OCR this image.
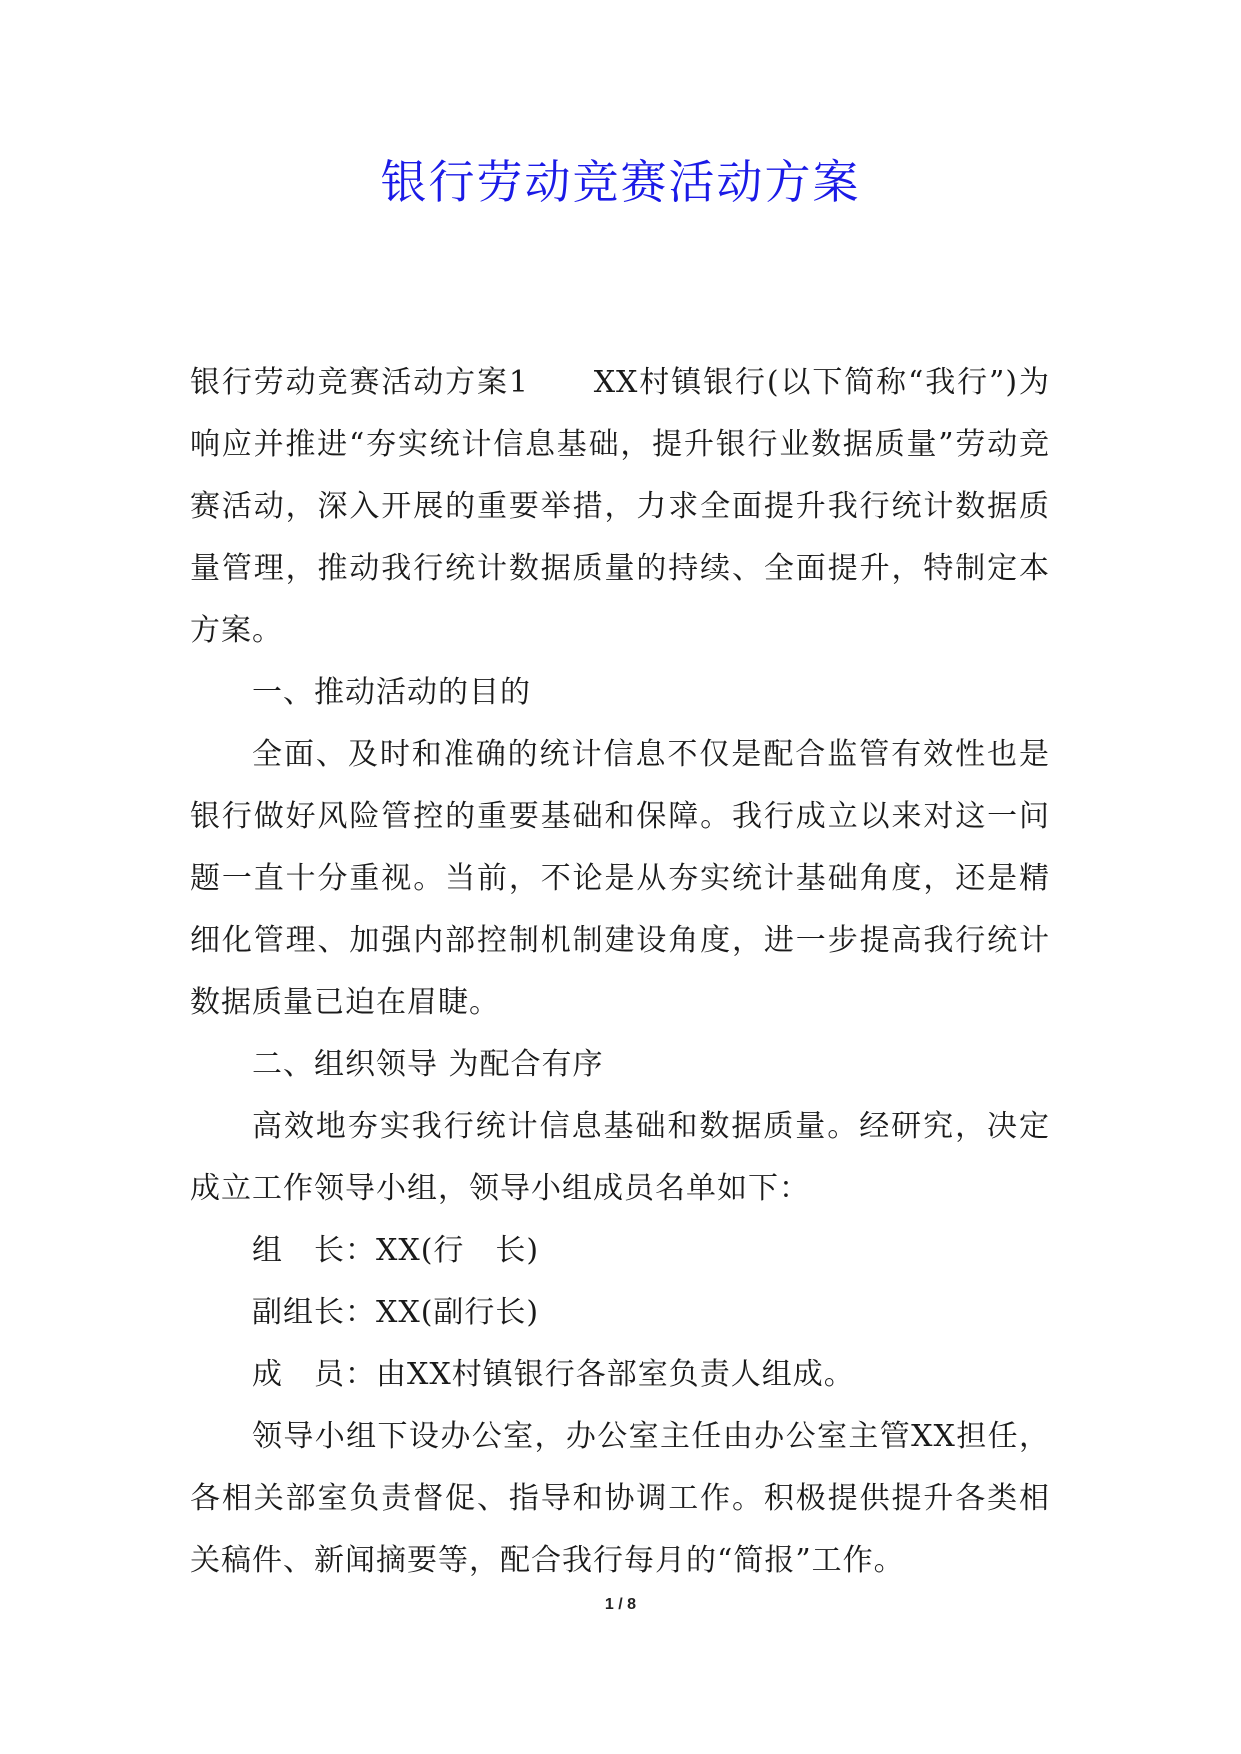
银行劳动竞赛活动方案

银行劳动竞赛活动方案1　　XX村镇银行(以下简称“我行”)为响应并推进“夯实统计信息基础，提升银行业数据质量”劳动竞赛活动，深入开展的重要举措，力求全面提升我行统计数据质量管理，推动我行统计数据质量的持续、全面提升，特制定本方案。

一、推动活动的目的

全面、及时和准确的统计信息不仅是配合监管有效性也是银行做好风险管控的重要基础和保障。我行成立以来对这一问题一直十分重视。当前，不论是从夯实统计基础角度，还是精细化管理、加强内部控制机制建设角度，进一步提高我行统计数据质量已迫在眉睫。

二、组织领导 为配合有序

高效地夯实我行统计信息基础和数据质量。经研究，决定成立工作领导小组，领导小组成员名单如下：

组　长：XX(行　长)

副组长：XX(副行长)

成　员：由XX村镇银行各部室负责人组成。

领导小组下设办公室，办公室主任由办公室主管XX担任，各相关部室负责督促、指导和协调工作。积极提供提升各类相关稿件、新闻摘要等，配合我行每月的“简报”工作。

1 / 8
